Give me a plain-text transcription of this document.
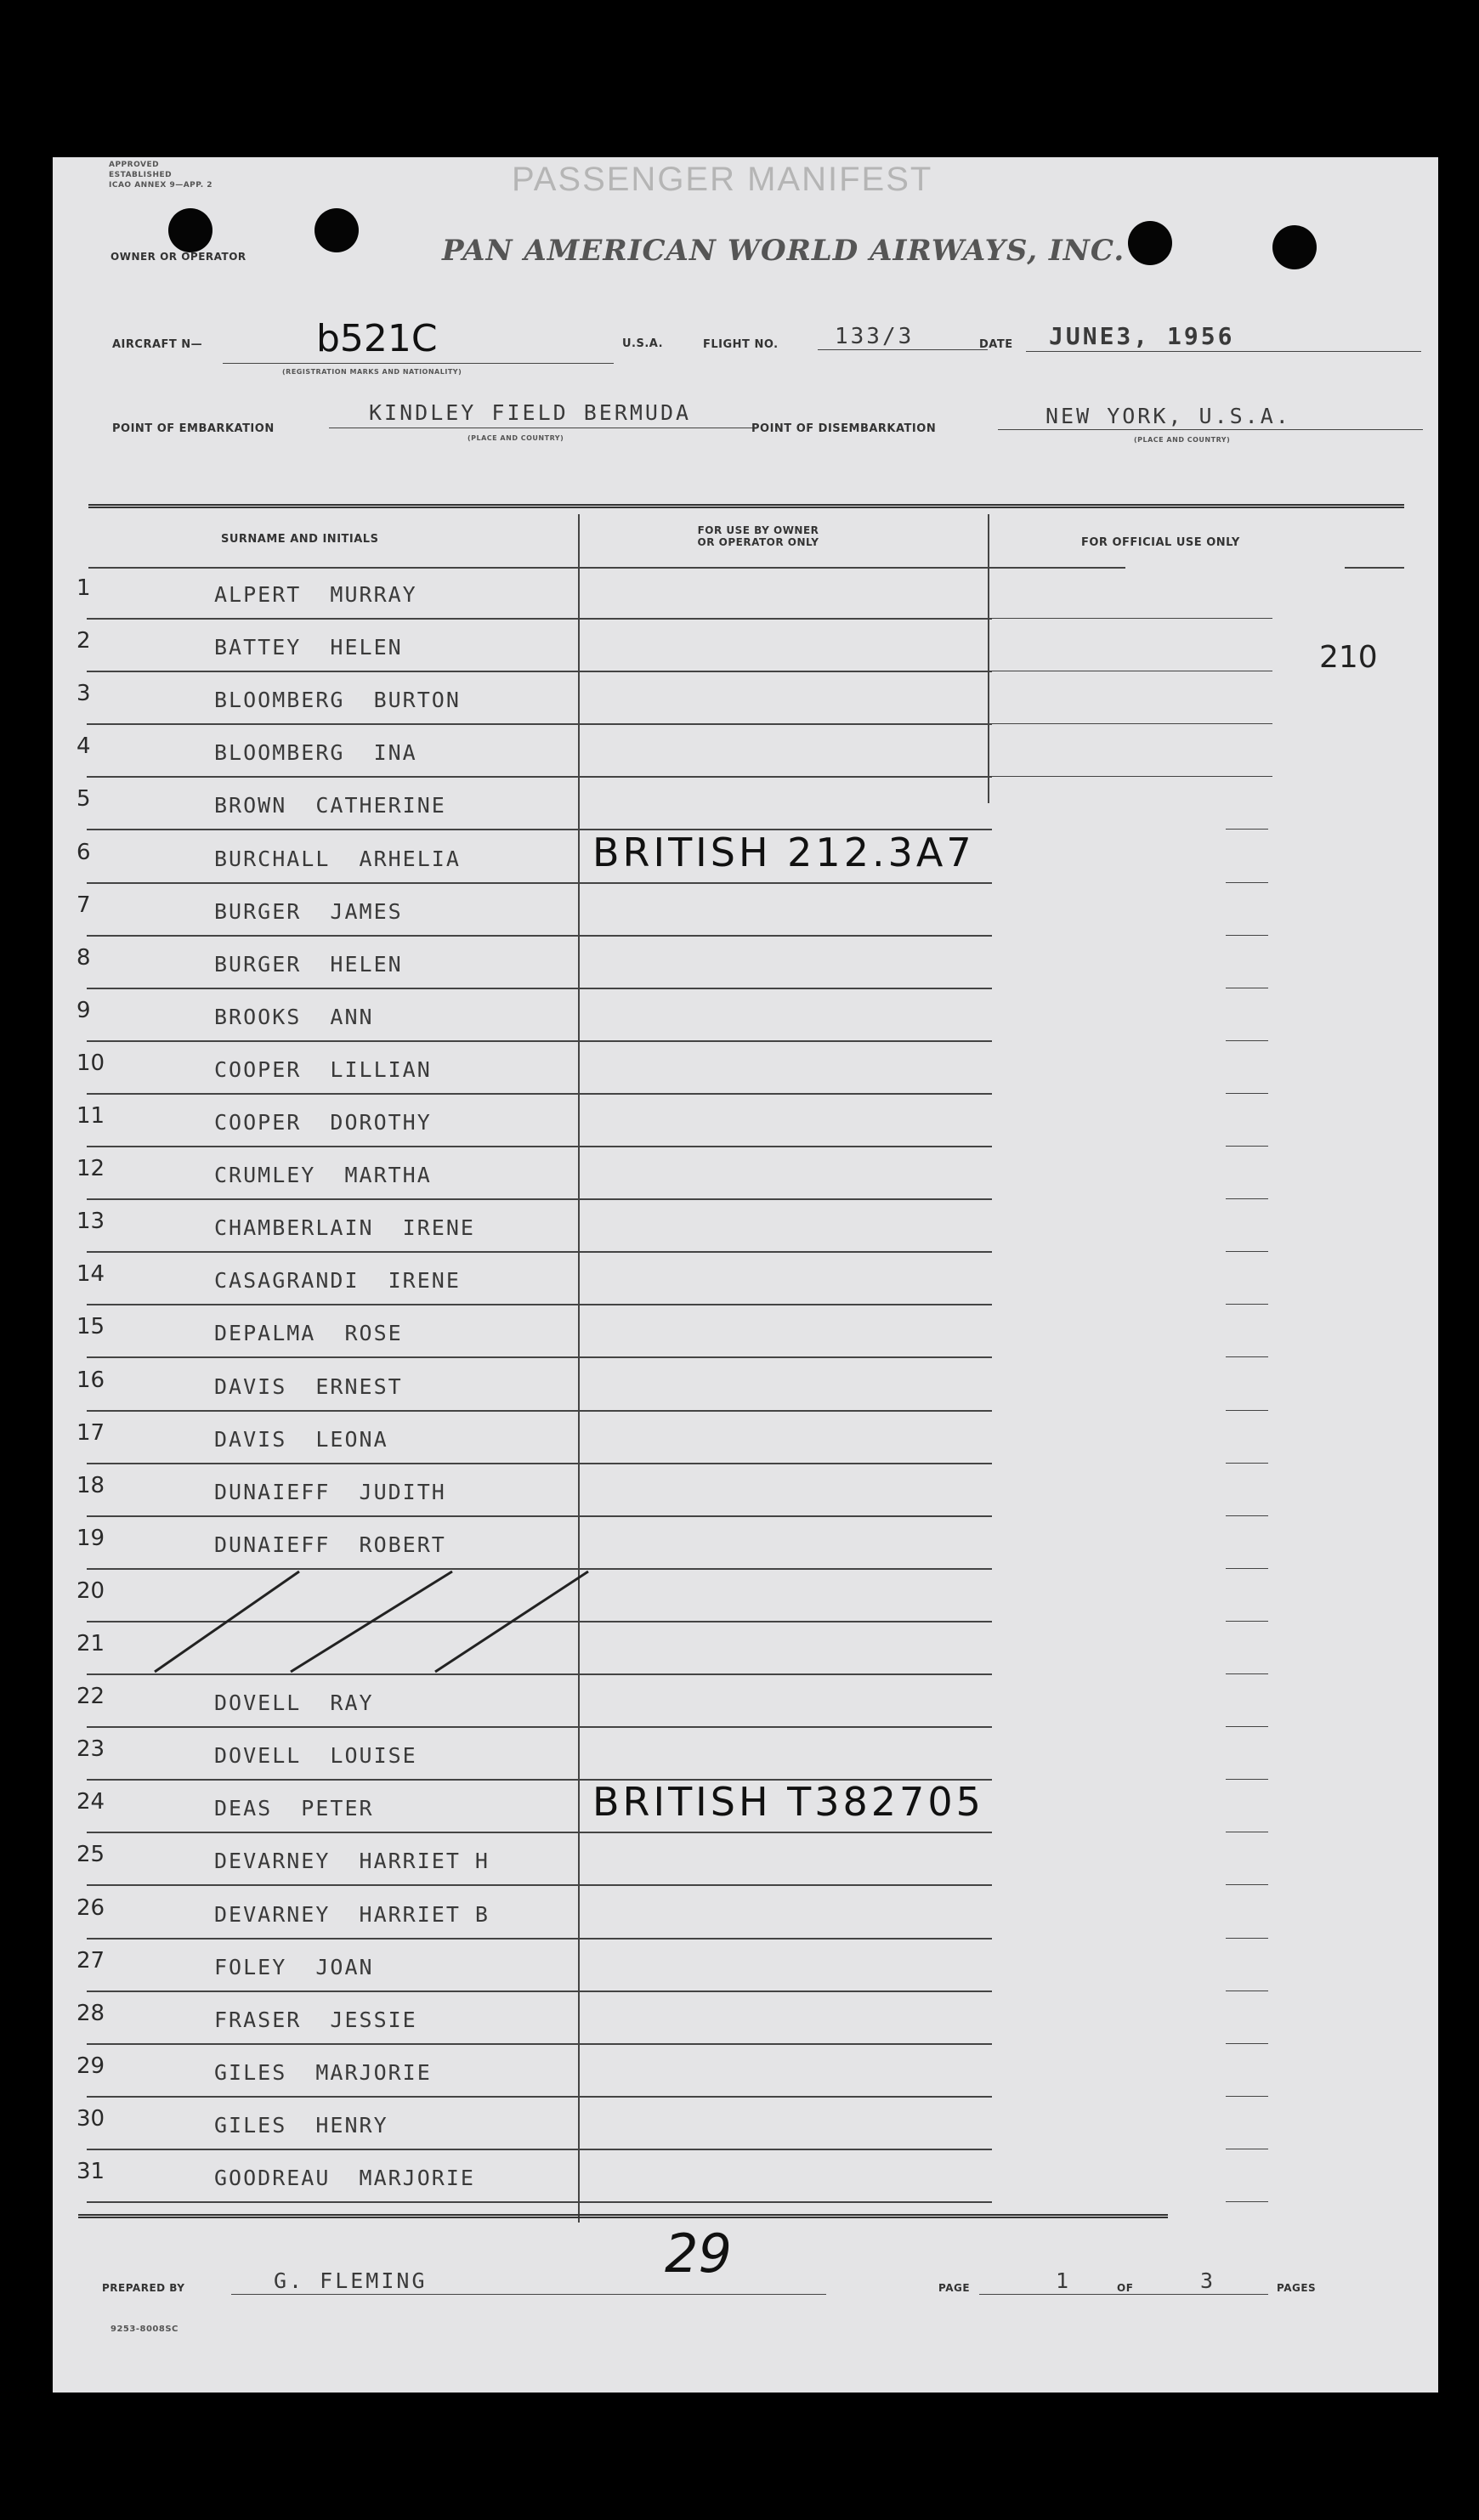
APPROVED
ESTABLISHED
ICAO ANNEX 9—APP. 2
OWNER OR OPERATOR
PASSENGER MANIFEST
PAN AMERICAN WORLD AIRWAYS, INC.
AIRCRAFT N—	b521C
(REGISTRATION MARKS AND NATIONALITY)
U.S.A.	FLIGHT NO.	133/3	DATE JUNE3, 1956
POINT OF EMBARKATION
KINDLEY FIELD BERMUDA
(PLACE AND COUNTRY)
POINT OF DISEMBARKATION
NEW YORK, U.S.A.
(PLACE AND COUNTRY)
SURNAME AND INITIALS
FOR USE BY OWNER
OR OPERATOR ONLY	FOR OFFICIAL USE ONLY
210
1	ALPERT  MURRAY
2	BATTEY  HELEN
3	BLOOMBERG  BURTON
4	BLOOMBERG  INA
5	BROWN  CATHERINE
6	BURCHALL  ARHELIA	BRITISH 212.3A7
7	BURGER  JAMES
8	BURGER  HELEN
9	BROOKS  ANN
10	COOPER  LILLIAN
11	COOPER  DOROTHY
12	CRUMLEY  MARTHA
13	CHAMBERLAIN  IRENE
14	CASAGRANDI  IRENE
15	DEPALMA  ROSE
16	DAVIS  ERNEST
17	DAVIS  LEONA
18	DUNAIEFF  JUDITH
19	DUNAIEFF  ROBERT
20
21
22	DOVELL  RAY
23	DOVELL  LOUISE
24	DEAS  PETER	BRITISH T382705
25	DEVARNEY  HARRIET H
26	DEVARNEY  HARRIET B
27	FOLEY  JOAN
28	FRASER  JESSIE
29	GILES  MARJORIE
30	GILES  HENRY
31	GOODREAU  MARJORIE
PREPARED BY	G. FLEMING	29
PAGE	1	OF	3	PAGES
9253-8008SC
